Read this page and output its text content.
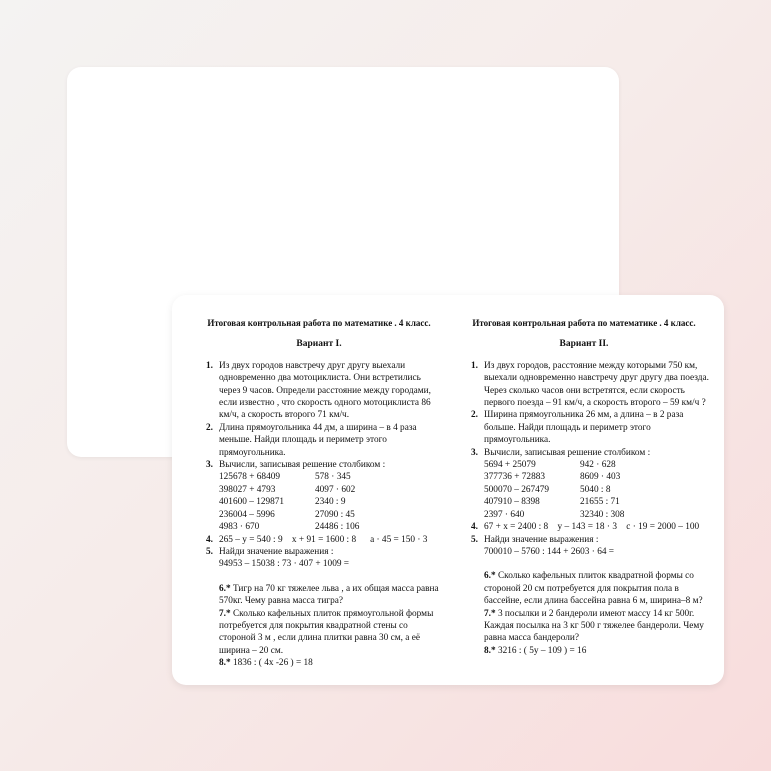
Итоговая контрольная работа по математике . 4 класс.
Вариант I.
1. Из двух городов навстречу друг другу выехали одновременно два мотоциклиста. Они встретились через 9 часов. Определи расстояние между городами, если известно , что скорость одного мотоциклиста 86 км/ч, а скорость второго 71 км/ч.
2. Длина прямоугольника 44 дм, а ширина – в 4 раза меньше. Найди площадь и периметр этого прямоугольника.
3. Вычисли, записывая решение столбиком :
125678 + 68409	578 · 345
398027 + 4793	4097 · 602
401600 – 129871	2340 : 9
236004 – 5996	27090 : 45
4983 · 670	24486 : 106
4. 265 – y = 540 : 9 x + 91 = 1600 : 8 a · 45 = 150 · 3
5. Найди значение выражения :
94953 – 15038 : 73 · 407 + 1009 =
6.* Тигр на 70 кг тяжелее льва , а их общая масса равна 570кг. Чему равна масса тигра?
7.* Сколько кафельных плиток прямоугольной формы потребуется для покрытия квадратной стены со стороной 3 м , если длина плитки равна 30 см, а её ширина – 20 см.
8.* 1836 : ( 4x -26 ) = 18
Итоговая контрольная работа по математике . 4 класс.
Вариант II.
1. Из двух городов, расстояние между которыми 750 км, выехали одновременно навстречу друг другу два поезда. Через сколько часов они встретятся, если скорость первого поезда – 91 км/ч, а скорость второго – 59 км/ч ?
2. Ширина прямоугольника 26 мм, а длина – в 2 раза больше. Найди площадь и периметр этого прямоугольника.
3. Вычисли, записывая решение столбиком :
5694 + 25079	942 · 628
377736 + 72883	8609 · 403
500070 – 267479	5040 : 8
407910 – 8398	21655 : 71
2397 · 640	32340 : 308
4. 67 + x = 2400 : 8 y – 143 = 18 · 3 c · 19 = 2000 – 100
5. Найди значение выражения :
700010 – 5760 : 144 + 2603 · 64 =
6.* Сколько кафельных плиток квадратной формы со стороной 20 см потребуется для покрытия пола в бассейне, если длина бассейна равна 6 м, ширина–8 м?
7.* 3 посылки и 2 бандероли имеют массу 14 кг 500г. Каждая посылка на 3 кг 500 г тяжелее бандероли. Чему равна масса бандероли?
8.* 3216 : ( 5y – 109 ) = 16
